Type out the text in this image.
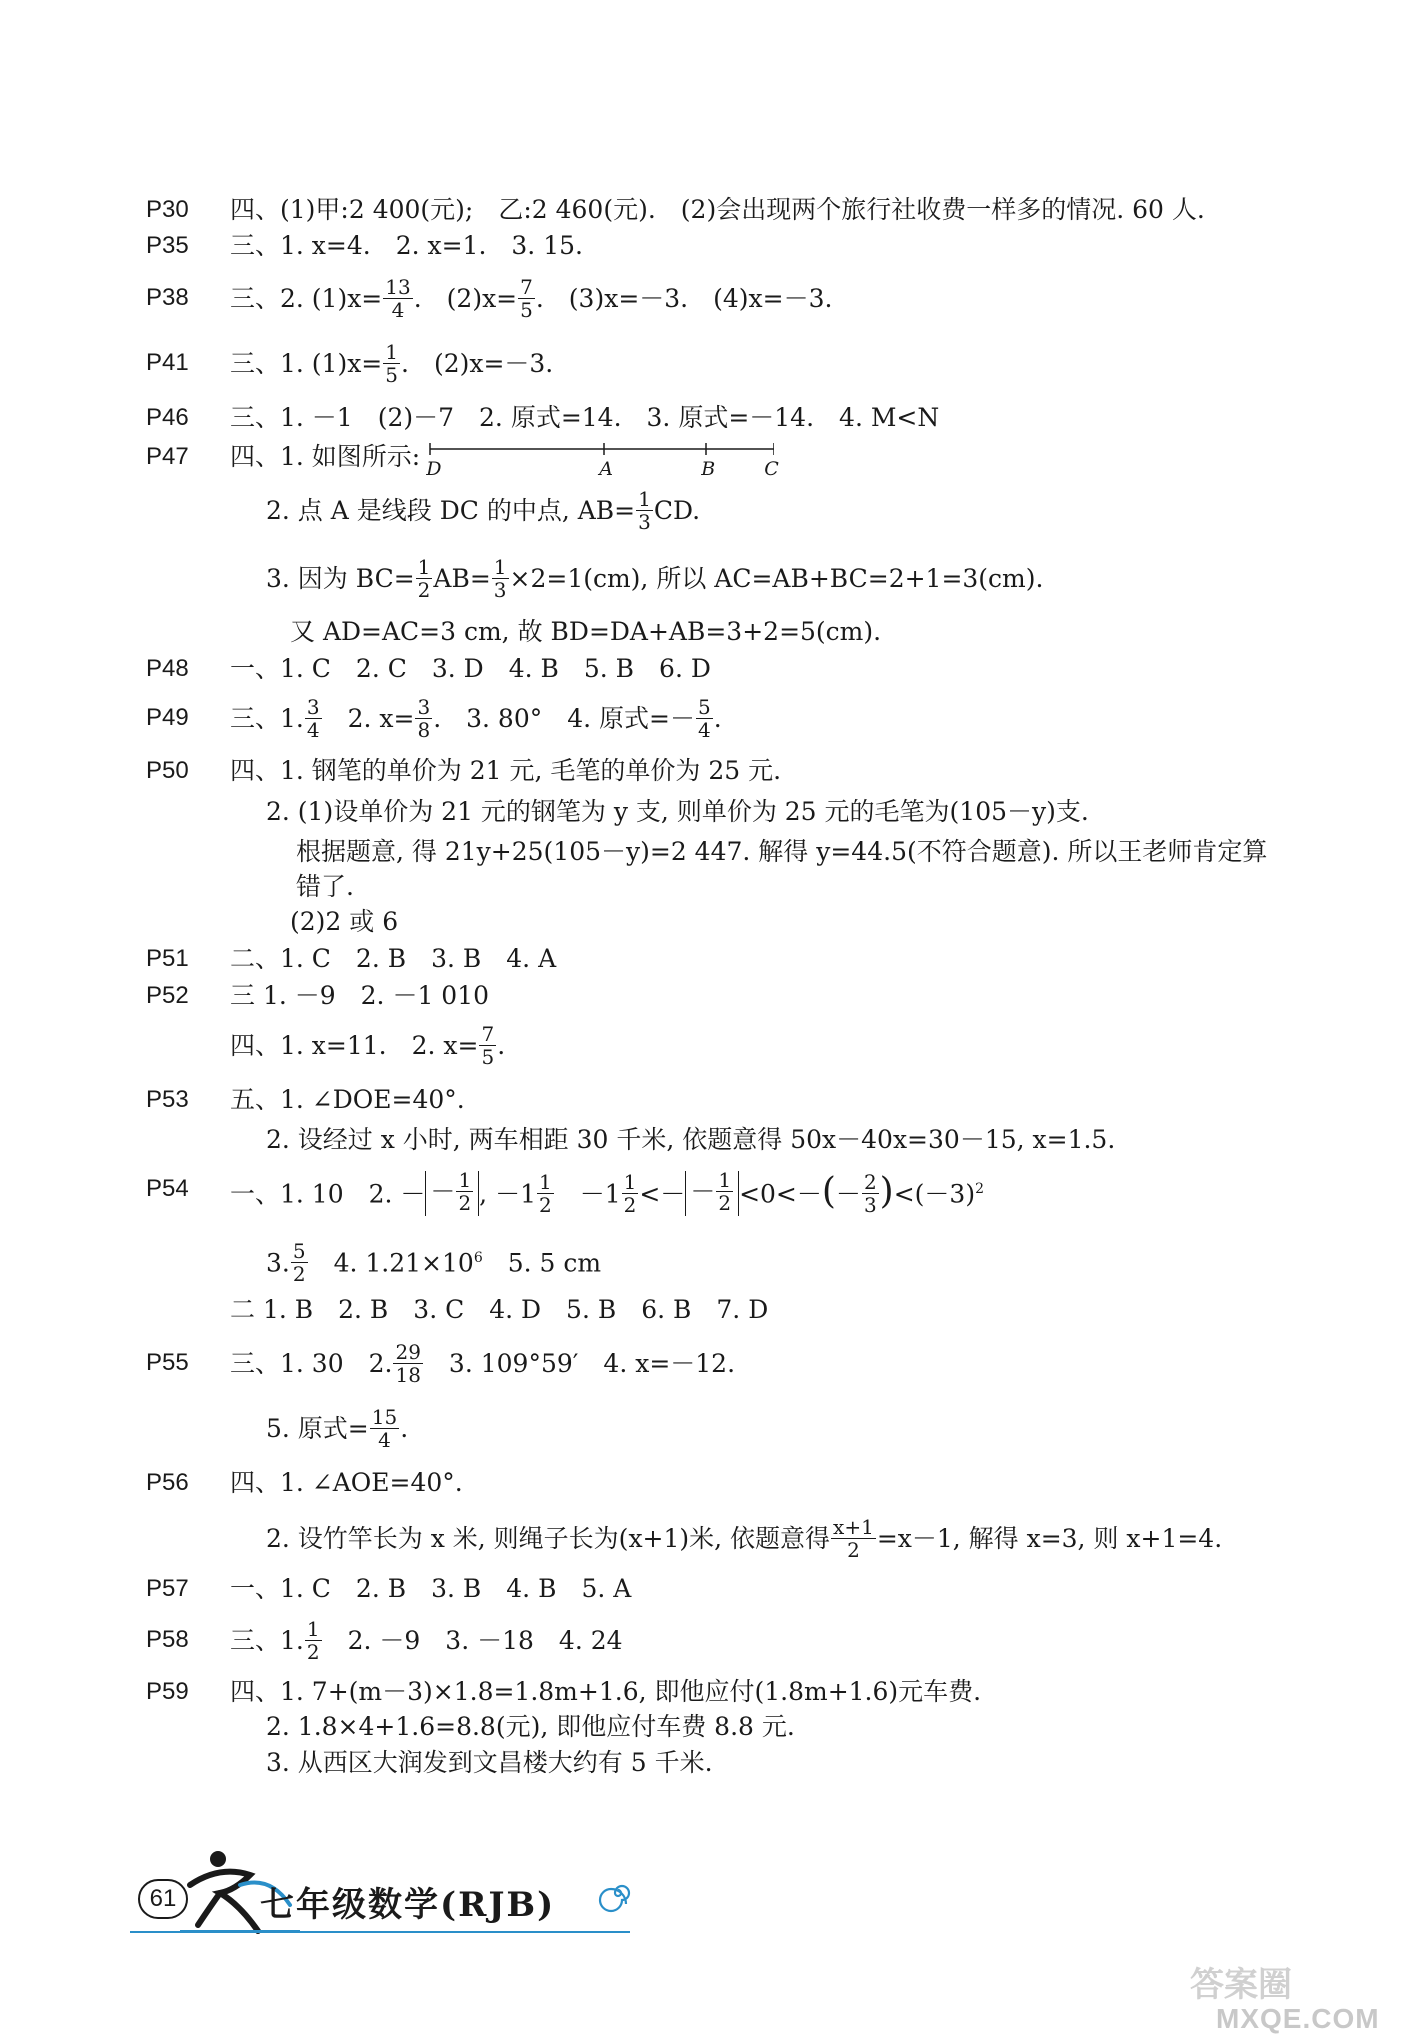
P30 四、(1)甲:2 400(元);　乙:2 460(元).　(2)会出现两个旅行社收费一样多的情况. 60 人.
P35 三、1. x=4.　2. x=1.　3. 15.
P38 三、2. $(1)x= \frac{13}{4}$ .　$(2)x= \frac{7}{5}$ .　(3)x=－3.　(4)x=－3.
P41 三、1. $(1)x= \frac{1}{5}$ .　(2)x=－3.
P46 三、1. －1　(2)－7　2. 原式=14.　3. 原式=－14.　4. M<N
P47 四、1. 如图所示: D	A	B	C
2. 点 A 是线段 DC 的中点, $AB= \frac{1}{3}$ CD.
3. 因为 $BC= \frac{1}{2} AB= \frac{1}{3} \times 2=1(cm)$, 所以 AC=AB+BC=2+1=3(cm).
又 AD=AC=3 cm, 故 BD=DA+AB=3+2=5(cm).
P48 一、1. C　2. C　3. D　4. B　5. B　6. D
P49 三、1. $\frac{3}{4}$ 　2. $x= \frac{3}{8}$ .　3. 80°　4. 原式=－ $\frac{5}{4}$ .
P50 四、1. 钢笔的单价为 21 元, 毛笔的单价为 25 元.
2. (1)设单价为 21 元的钢笔为 y 支, 则单价为 25 元的毛笔为(105－y)支.
根据题意, 得 21y+25(105－y)=2 447. 解得 y=44.5(不符合题意). 所以王老师肯定算
错了.
(2)2 或 6
P51 二、1. C　2. B　3. B　4. A
P52 三 1. －9　2. －1 010
四、1. x=11.　2. $x= \frac{7}{5}$ .
P53 五、1. ∠DOE=40°.
2. 设经过 x 小时, 两车相距 30 千米, 依题意得 50x－40x=30－15, x=1.5.
P54 一、1. 10　2. － － $\frac{1}{2}$ , $-1 \frac{1}{2}$ 　$-1 \frac{1}{2}$ <－ － $\frac{1}{2} <0<-(- \frac{2}{3} )<(-3)^2$
3. $\frac{5}{2}$ 　4. $1.21\times 10^6$　5. 5 cm
二 1. B　2. B　3. C　4. D　5. B　6. B　7. D
P55 三、1. 30　2. $\frac{29}{18}$ 　3. 109°59′　4. x=－12.
5. 原式= $\frac{15}{4}$ .
P56 四、1. ∠AOE=40°.
2. 设竹竿长为 x 米, 则绳子长为(x+1)米, 依题意得 $\frac{x+1}{2} =x-1$, 解得 x=3, 则 x+1=4.
P57 一、1. C　2. B　3. B　4. B　5. A
P58 三、1. $\frac{1}{2}$ 　2. －9　3. －18　4. 24
P59 四、1. 7+(m－3)×1.8=1.8m+1.6, 即他应付(1.8m+1.6)元车费.
2. 1.8×4+1.6=8.8(元), 即他应付车费 8.8 元.
3. 从西区大润发到文昌楼大约有 5 千米.
61	七年级数学(RJB)
答案圈
MXQE.COM
